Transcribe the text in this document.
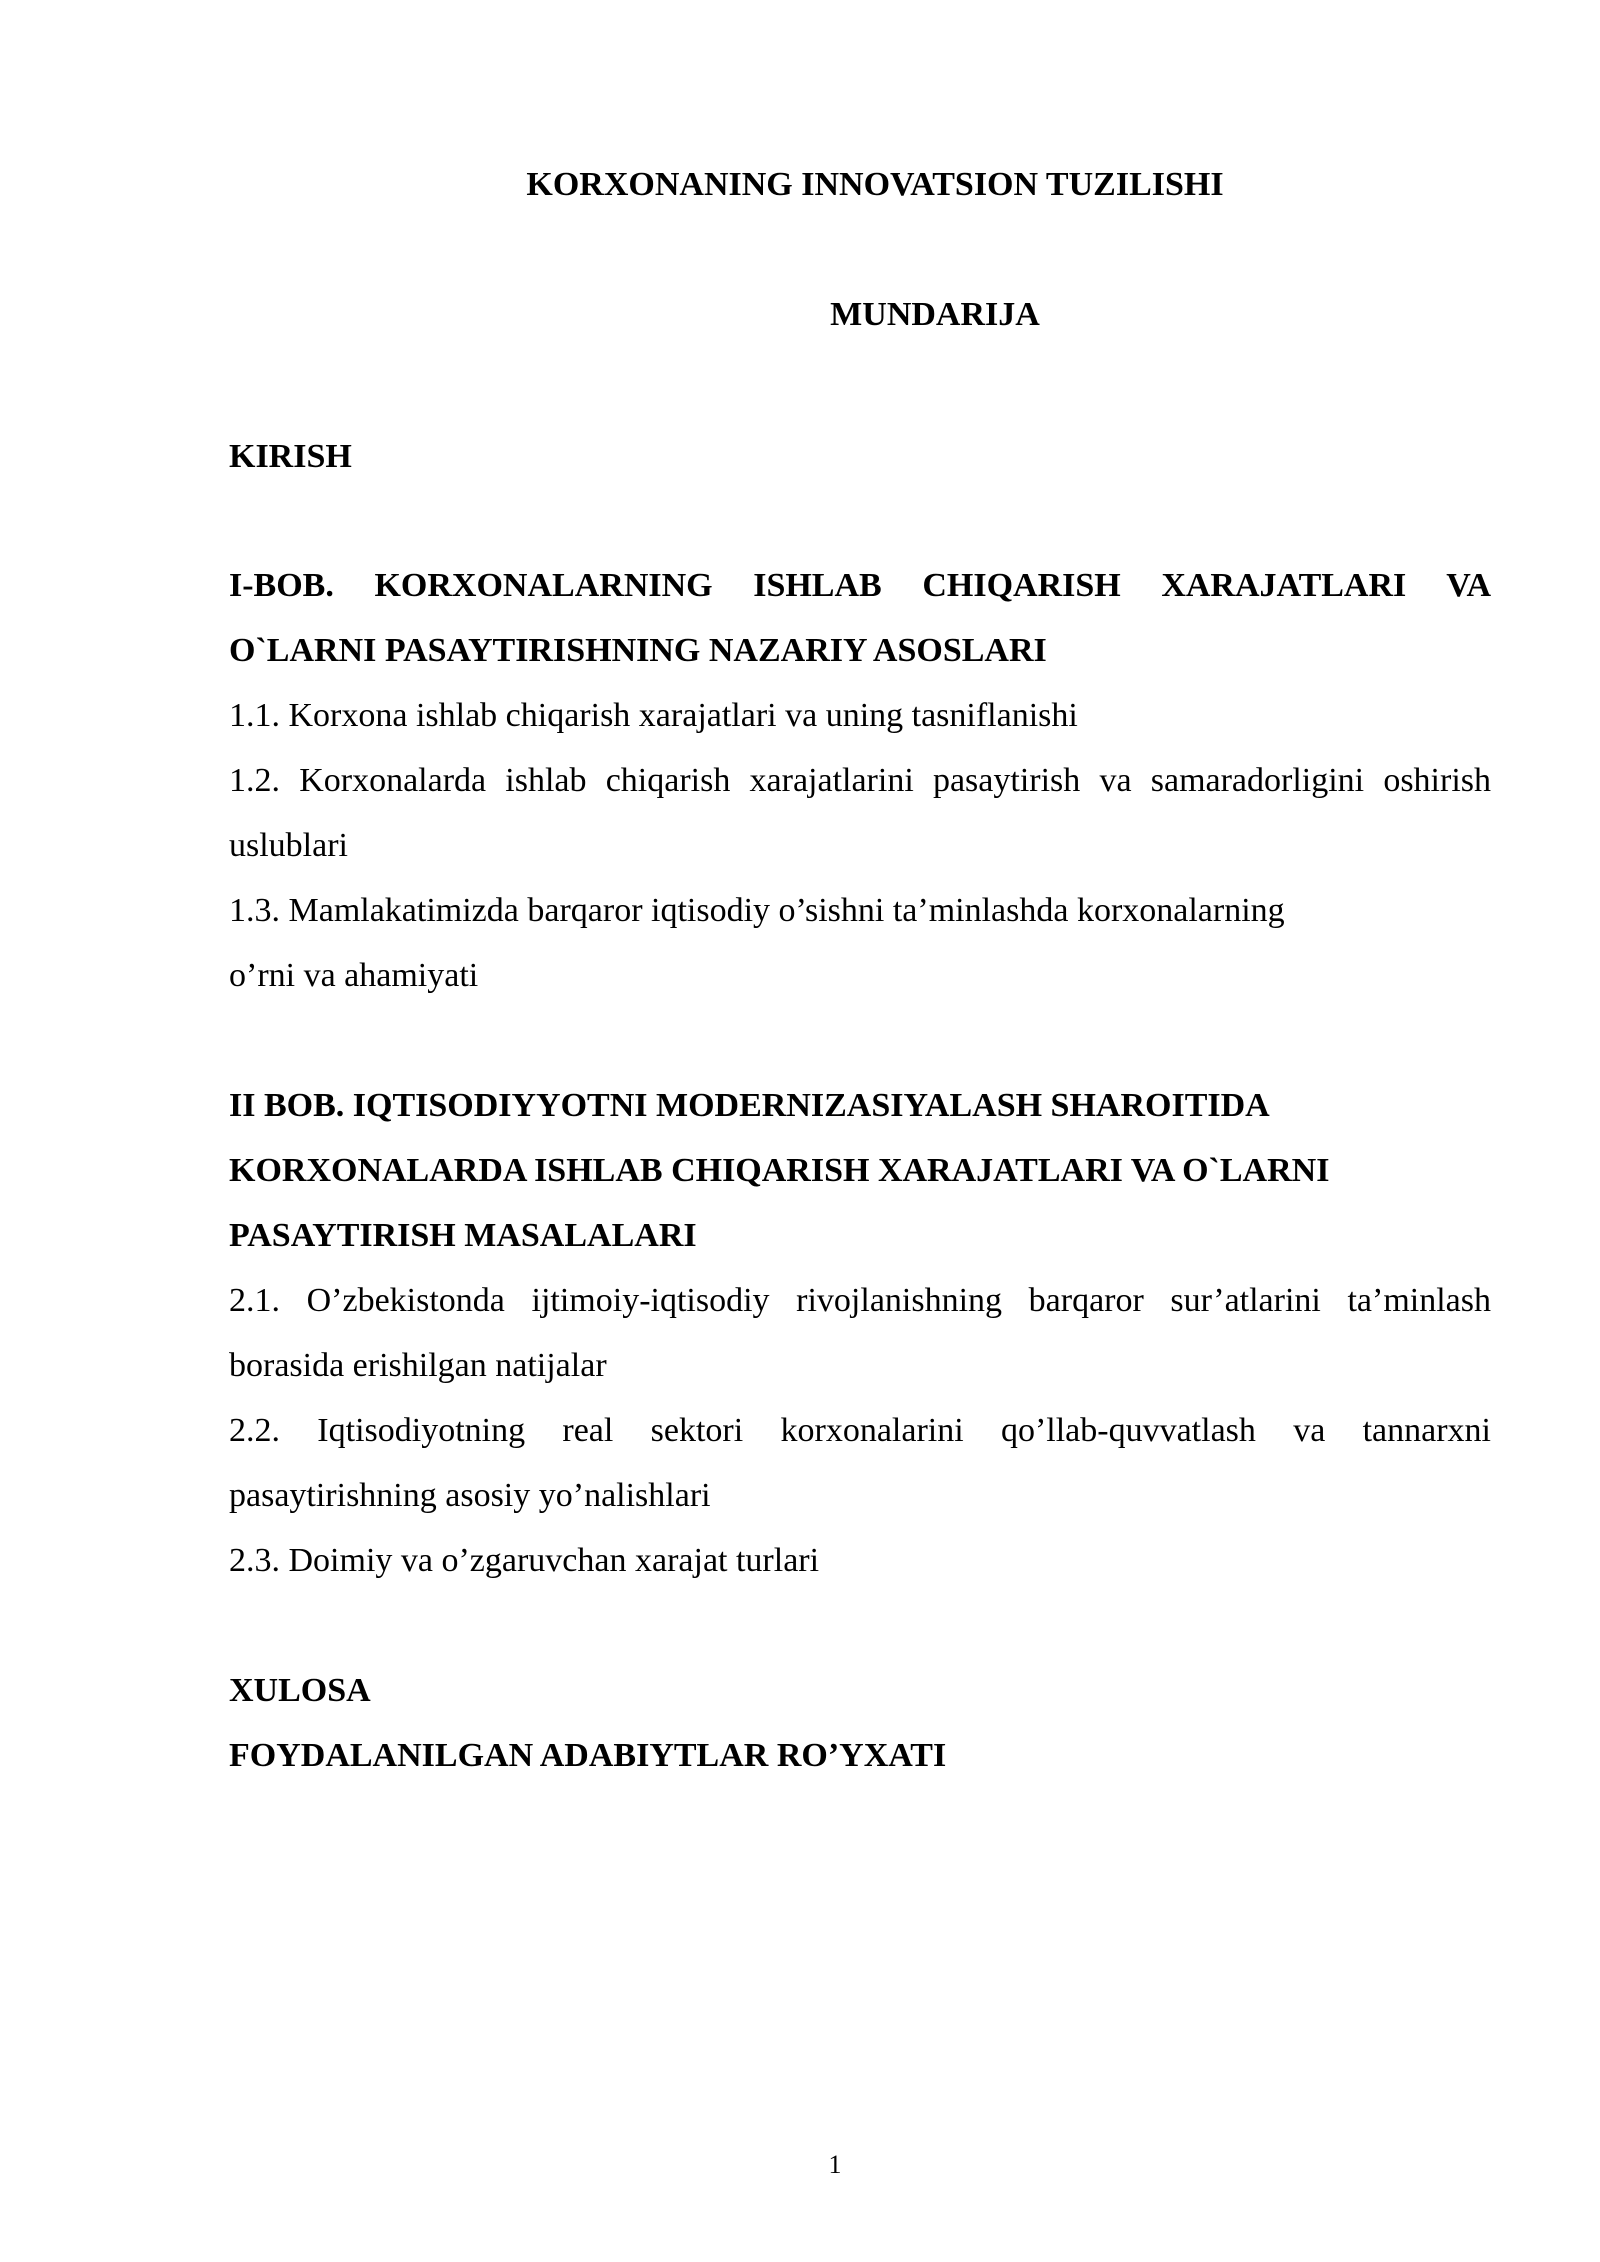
KORXONANING INNOVATSION TUZILISHI

MUNDARIJA

KIRISH

I-BOB. KORXONALARNING ISHLAB CHIQARISH XARAJATLARI VA
O`LARNI PASAYTIRISHNING NAZARIY ASOSLARI

1.1. Korxona ishlab chiqarish xarajatlari va uning tasniflanishi

1.2. Korxonalarda ishlab chiqarish xarajatlarini pasaytirish va samaradorligini oshirish uslublari

1.3. Mamlakatimizda barqaror iqtisodiy o’sishni ta’minlashda korxonalarning

o’rni va ahamiyati

II BOB. IQTISODIYYOTNI MODERNIZASIYALASH SHAROITIDA
KORXONALARDA ISHLAB CHIQARISH XARAJATLARI VA O`LARNI
PASAYTIRISH MASALALARI

2.1. O’zbekistonda ijtimoiy-iqtisodiy rivojlanishning barqaror sur’atlarini ta’minlash borasida erishilgan natijalar

2.2. Iqtisodiyotning real sektori korxonalarini qo’llab-quvvatlash va tannarxni pasaytirishning asosiy yo’nalishlari

2.3. Doimiy va o’zgaruvchan xarajat turlari

XULOSA

FOYDALANILGAN ADABIYTLAR RO’YXATI

1
